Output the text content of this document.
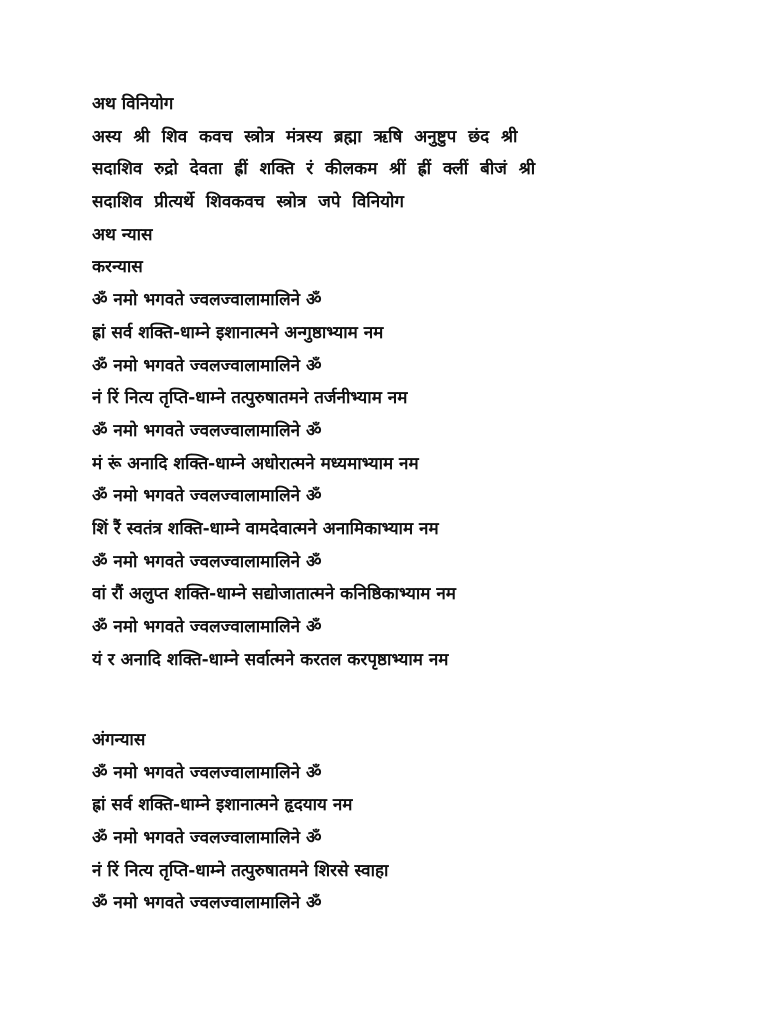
अथ विनियोग
अस्य श्री शिव कवच स्त्रोत्र मंत्रस्य ब्रह्मा ऋषि अनुष्टुप छंद श्री
सदाशिव रुद्रो देवता ह्रीं शक्ति रं कीलकम श्रीं ह्रीं क्लीं बीजं श्री
सदाशिव प्रीत्यर्थे शिवकवच स्त्रोत्र जपे विनियोग
अथ न्यास
करन्यास
ॐ नमो भगवते ज्वलज्वालामालिने ॐ
ह्रां सर्व शक्ति-धाम्ने इशानात्मने अन्गुष्ठाभ्याम नम
ॐ नमो भगवते ज्वलज्वालामालिने ॐ
नं रिं नित्य तृप्ति-धाम्ने तत्पुरुषातमने तर्जनीभ्याम नम
ॐ नमो भगवते ज्वलज्वालामालिने ॐ
मं रूं अनादि शक्ति-धाम्ने अधोरात्मने मध्यमाभ्याम नम
ॐ नमो भगवते ज्वलज्वालामालिने ॐ
शिं रैं स्वतंत्र शक्ति-धाम्ने वामदेवात्मने अनामिकाभ्याम नम
ॐ नमो भगवते ज्वलज्वालामालिने ॐ
वां रौं अलुप्त शक्ति-धाम्ने सद्योजातात्मने कनिष्ठिकाभ्याम नम
ॐ नमो भगवते ज्वलज्वालामालिने ॐ
यं र अनादि शक्ति-धाम्ने सर्वात्मने करतल करपृष्ठाभ्याम नम
अंगन्यास
ॐ नमो भगवते ज्वलज्वालामालिने ॐ
ह्रां सर्व शक्ति-धाम्ने इशानात्मने हृदयाय नम
ॐ नमो भगवते ज्वलज्वालामालिने ॐ
नं रिं नित्य तृप्ति-धाम्ने तत्पुरुषातमने शिरसे स्वाहा
ॐ नमो भगवते ज्वलज्वालामालिने ॐ
